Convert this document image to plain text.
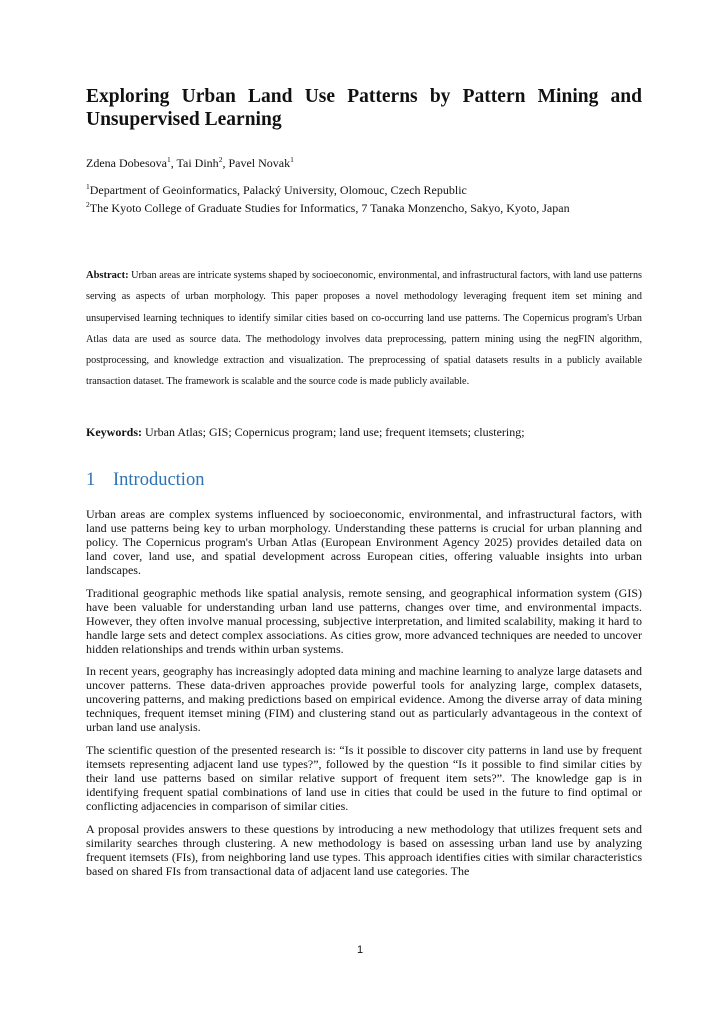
Exploring Urban Land Use Patterns by Pattern Mining and Unsupervised Learning
Zdena Dobesova$^1$, Tai Dinh$^2$, Pavel Novak$^1$
$^1$Department of Geoinformatics, Palacký University, Olomouc, Czech Republic
$^2$The Kyoto College of Graduate Studies for Informatics, 7 Tanaka Monzencho, Sakyo, Kyoto, Japan

Abstract: Urban areas are intricate systems shaped by socioeconomic, environmental, and infrastructural factors, with land use patterns serving as aspects of urban morphology. This paper proposes a novel methodology leveraging frequent item set mining and unsupervised learning techniques to identify similar cities based on co-occurring land use patterns. The Copernicus program's Urban Atlas data are used as source data. The methodology involves data preprocessing, pattern mining using the negFIN algorithm, postprocessing, and knowledge extraction and visualization. The preprocessing of spatial datasets results in a publicly available transaction dataset. The framework is scalable and the source code is made publicly available.

Keywords: Urban Atlas; GIS; Copernicus program; land use; frequent itemsets; clustering;

1 Introduction

Urban areas are complex systems influenced by socioeconomic, environmental, and infrastructural factors, with land use patterns being key to urban morphology. Understanding these patterns is crucial for urban planning and policy. The Copernicus program's Urban Atlas (European Environment Agency 2025) provides detailed data on land cover, land use, and spatial development across European cities, offering valuable insights into urban landscapes.

Traditional geographic methods like spatial analysis, remote sensing, and geographical information system (GIS) have been valuable for understanding urban land use patterns, changes over time, and environmental impacts. However, they often involve manual processing, subjective interpretation, and limited scalability, making it hard to handle large sets and detect complex associations. As cities grow, more advanced techniques are needed to uncover hidden relationships and trends within urban systems.

In recent years, geography has increasingly adopted data mining and machine learning to analyze large datasets and uncover patterns. These data-driven approaches provide powerful tools for analyzing large, complex datasets, uncovering patterns, and making predictions based on empirical evidence. Among the diverse array of data mining techniques, frequent itemset mining (FIM) and clustering stand out as particularly advantageous in the context of urban land use analysis.

The scientific question of the presented research is: “Is it possible to discover city patterns in land use by frequent itemsets representing adjacent land use types?”, followed by the question “Is it possible to find similar cities by their land use patterns based on similar relative support of frequent item sets?”. The knowledge gap is in identifying frequent spatial combinations of land use in cities that could be used in the future to find optimal or conflicting adjacencies in comparison of similar cities.

A proposal provides answers to these questions by introducing a new methodology that utilizes frequent sets and similarity searches through clustering. A new methodology is based on assessing urban land use by analyzing frequent itemsets (FIs), from neighboring land use types. This approach identifies cities with similar characteristics based on shared FIs from transactional data of adjacent land use categories. The

1
